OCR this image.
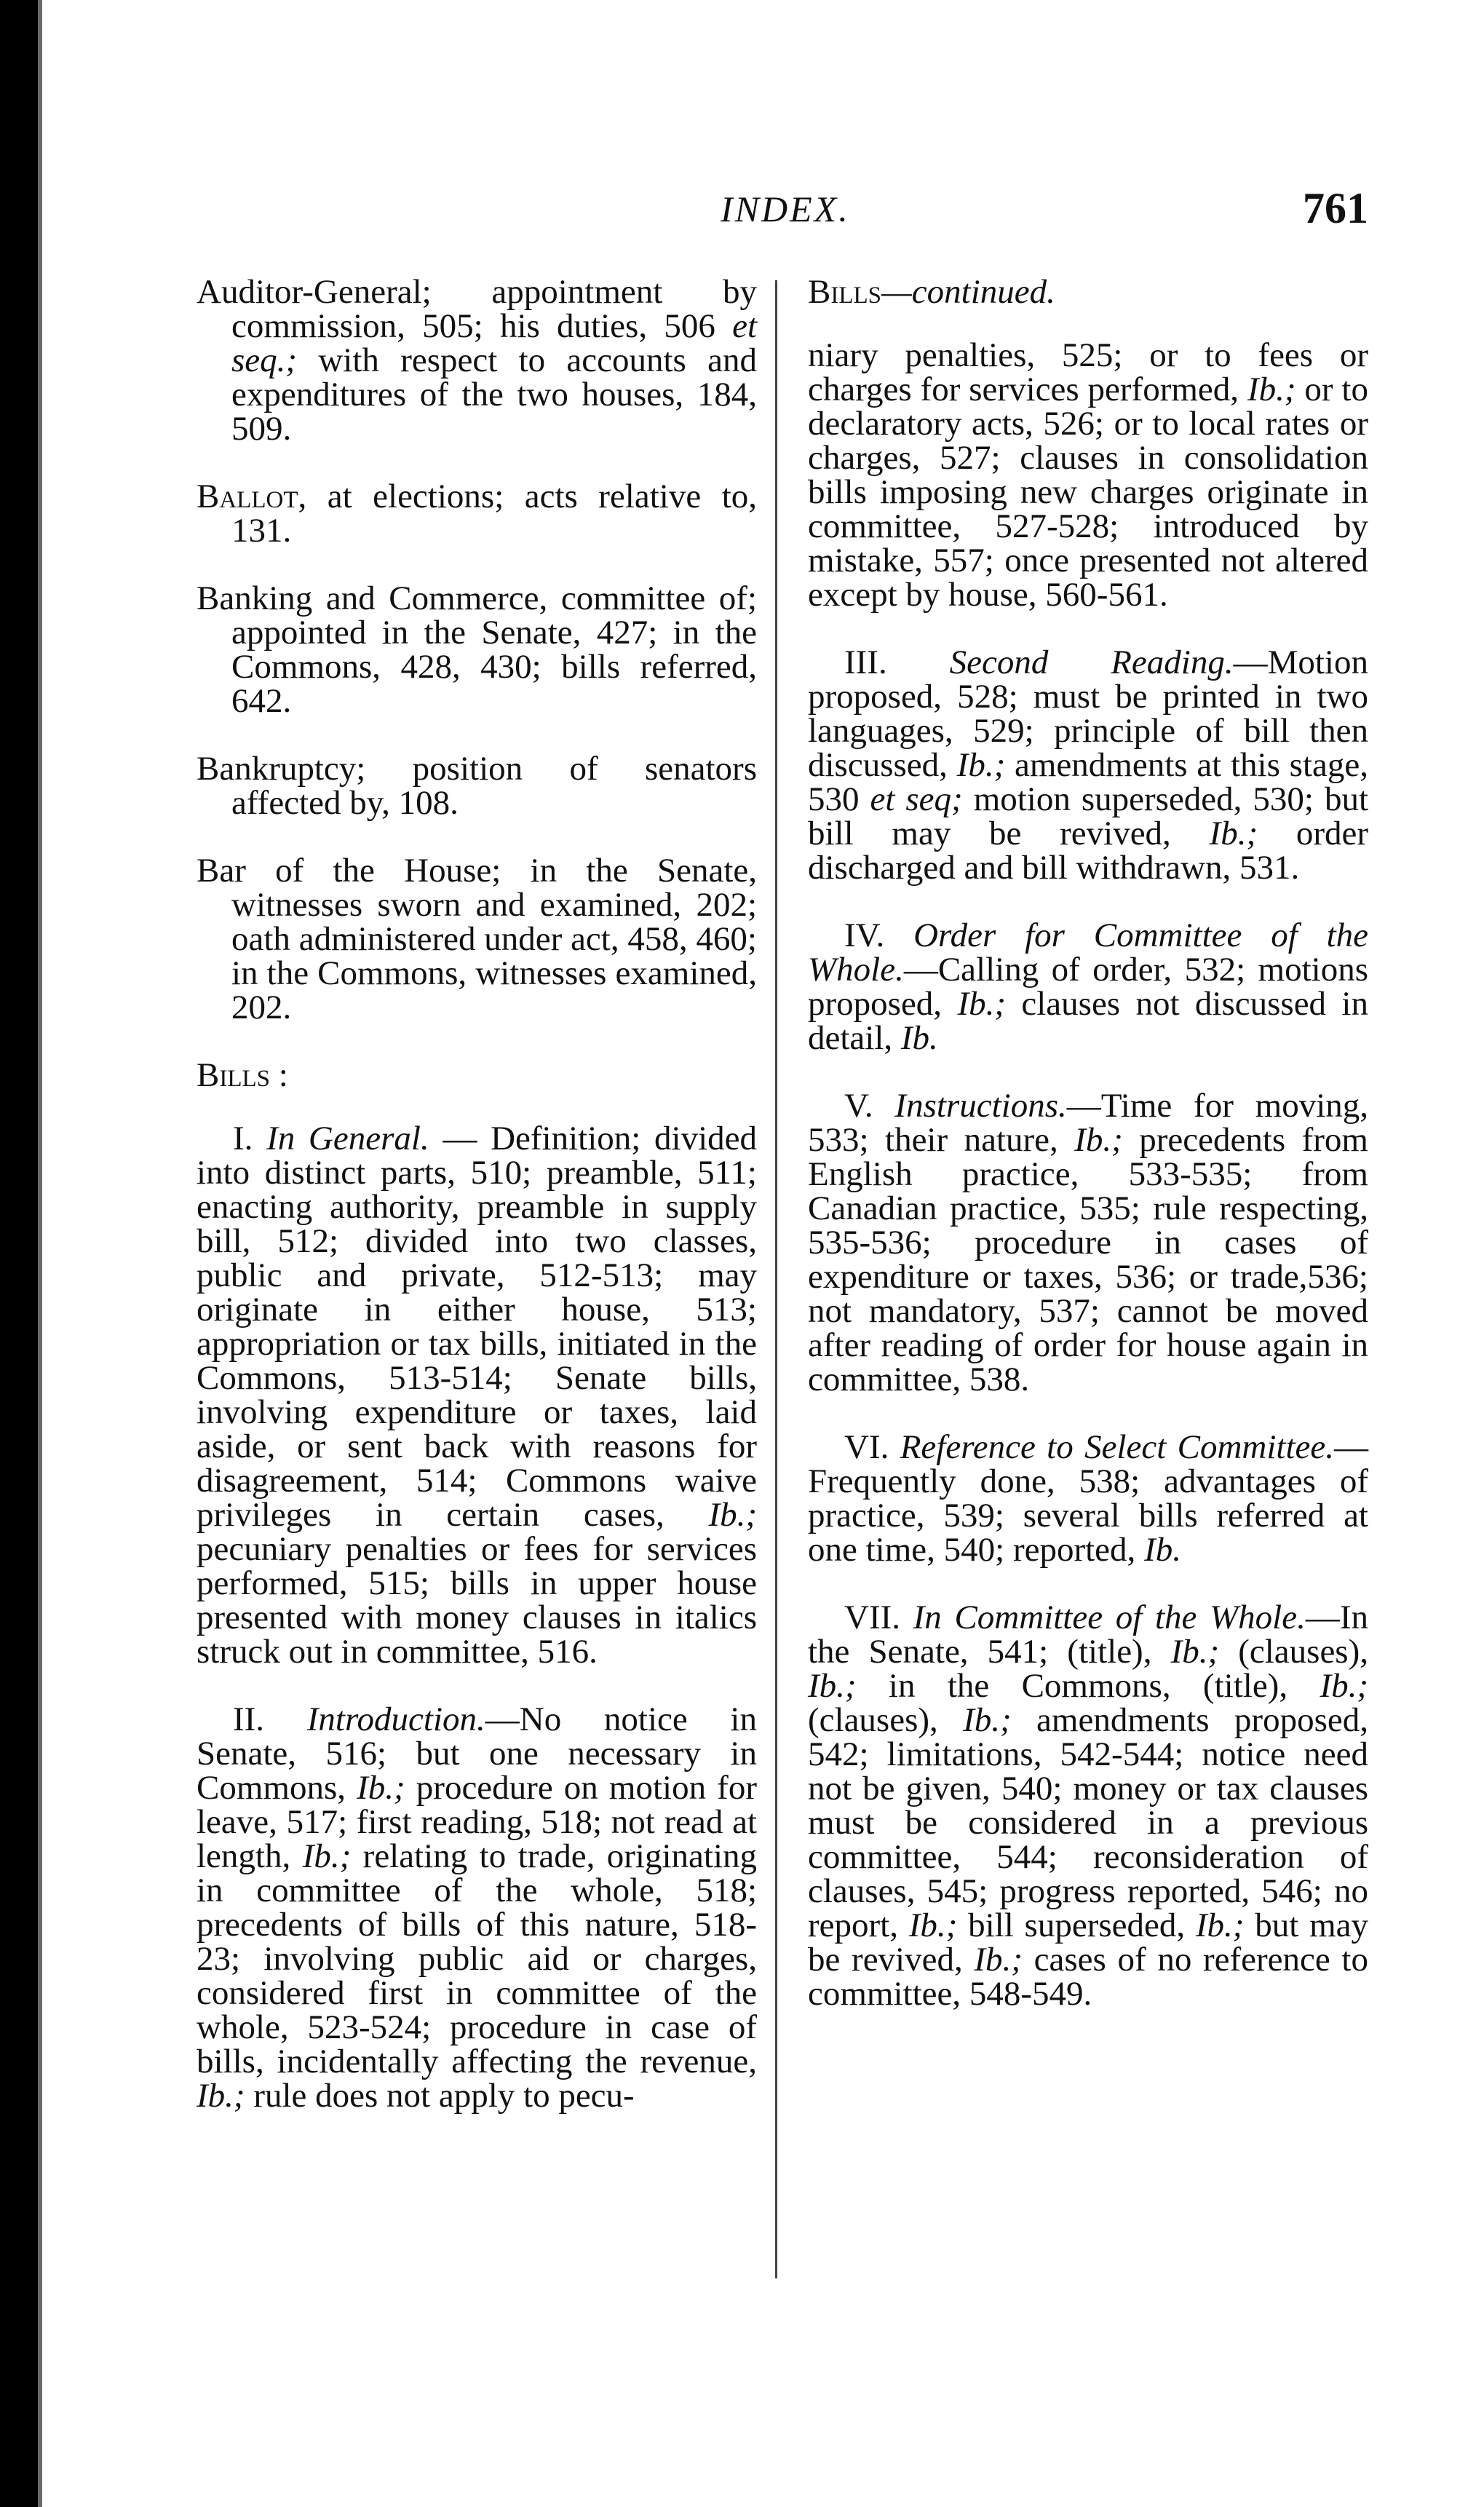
INDEX.	761

Auditor-General; appointment by commission, 505; his duties, 506 et seq.; with respect to accounts and expenditures of the two houses, 184, 509.

Ballot, at elections; acts relative to, 131.

Banking and Commerce, committee of; appointed in the Senate, 427; in the Commons, 428, 430; bills referred, 642.

Bankruptcy; position of senators affected by, 108.

Bar of the House; in the Senate, witnesses sworn and examined, 202; oath administered under act, 458, 460; in the Commons, witnesses examined, 202.

Bills :

I. In General. — Definition; divided into distinct parts, 510; preamble, 511; enacting authority, preamble in supply bill, 512; divided into two classes, public and private, 512-513; may originate in either house, 513; appropriation or tax bills, initiated in the Commons, 513-514; Senate bills, involving expenditure or taxes, laid aside, or sent back with reasons for disagreement, 514; Commons waive privileges in certain cases, Ib.; pecuniary penalties or fees for services performed, 515; bills in upper house presented with money clauses in italics struck out in committee, 516.

II. Introduction.—No notice in Senate, 516; but one necessary in Commons, Ib.; procedure on motion for leave, 517; first reading, 518; not read at length, Ib.; relating to trade, originating in committee of the whole, 518; precedents of bills of this nature, 518-23; involving public aid or charges, considered first in committee of the whole, 523-524; procedure in case of bills, incidentally affecting the revenue, Ib.; rule does not apply to pecu-

Bills—continued.

niary penalties, 525; or to fees or charges for services performed, Ib.; or to declaratory acts, 526; or to local rates or charges, 527; clauses in consolidation bills imposing new charges originate in committee, 527-528; introduced by mistake, 557; once presented not altered except by house, 560-561.

III. Second Reading.—Motion proposed, 528; must be printed in two languages, 529; principle of bill then discussed, Ib.; amendments at this stage, 530 et seq; motion superseded, 530; but bill may be revived, Ib.; order discharged and bill withdrawn, 531.

IV. Order for Committee of the Whole.—Calling of order, 532; motions proposed, Ib.; clauses not discussed in detail, Ib.

V. Instructions.—Time for moving, 533; their nature, Ib.; precedents from English practice, 533-535; from Canadian practice, 535; rule respecting, 535-536; procedure in cases of expenditure or taxes, 536; or trade,536; not mandatory, 537; cannot be moved after reading of order for house again in committee, 538.

VI. Reference to Select Committee.—Frequently done, 538; advantages of practice, 539; several bills referred at one time, 540; reported, Ib.

VII. In Committee of the Whole.—In the Senate, 541; (title), Ib.; (clauses), Ib.; in the Commons, (title), Ib.; (clauses), Ib.; amendments proposed, 542; limitations, 542-544; notice need not be given, 540; money or tax clauses must be considered in a previous committee, 544; reconsideration of clauses, 545; progress reported, 546; no report, Ib.; bill superseded, Ib.; but may be revived, Ib.; cases of no reference to committee, 548-549.
